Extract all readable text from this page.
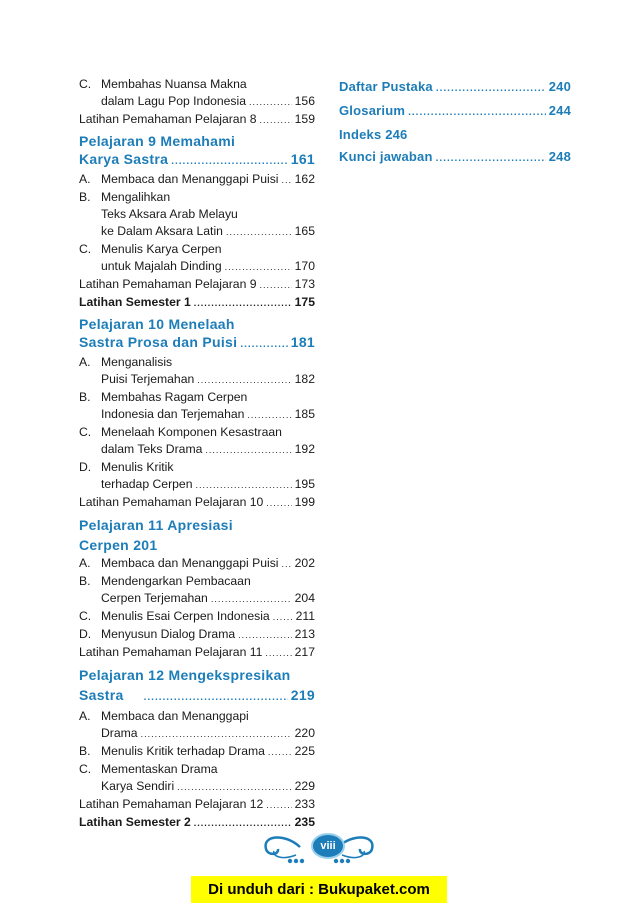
C. Membahas Nuansa Makna
dalam Lagu Pop Indonesia .....	156
Latihan Pemahaman Pelajaran 8 .....	159
Pelajaran 9 Memahami
Karya Sastra .....	161
A. Membaca dan Menanggapi Puisi ..... 162
B. Mengalihkan
Teks Aksara Arab Melayu
ke Dalam Aksara Latin .....	165
C. Menulis Karya Cerpen
untuk Majalah Dinding .....	170
Latihan Pemahaman Pelajaran 9 .....	173
Latihan Semester 1 .....	175
Pelajaran 10 Menelaah
Sastra Prosa dan Puisi .....	181
A. Menganalisis
Puisi Terjemahan .....	182
B. Membahas Ragam Cerpen
Indonesia dan Terjemahan .....	185
C. Menelaah Komponen Kesastraan
dalam Teks Drama .....	192
D. Menulis Kritik
terhadap Cerpen .....	195
Latihan Pemahaman Pelajaran 10 .....	199
Pelajaran 11 Apresiasi
Cerpen 201
A. Membaca dan Menanggapi Puisi ..... 202
B. Mendengarkan Pembacaan
Cerpen Terjemahan .....	204
C. Menulis Esai Cerpen Indonesia ..... 211
D. Menyusun Dialog Drama .....	213
Latihan Pemahaman Pelajaran 11 .....	217
Pelajaran 12 Mengekspresikan
Sastra .....	219
A. Membaca dan Menanggapi
Drama .....	220
B. Menulis Kritik terhadap Drama ..... 225
C. Mementaskan Drama
Karya Sendiri .....	229
Latihan Pemahaman Pelajaran 12 .....	233
Latihan Semester 2 .....	235
Daftar Pustaka .....	240
Glosarium .....	244
Indeks 246
Kunci jawaban .....	248
viii
Di unduh dari : Bukupaket.com
